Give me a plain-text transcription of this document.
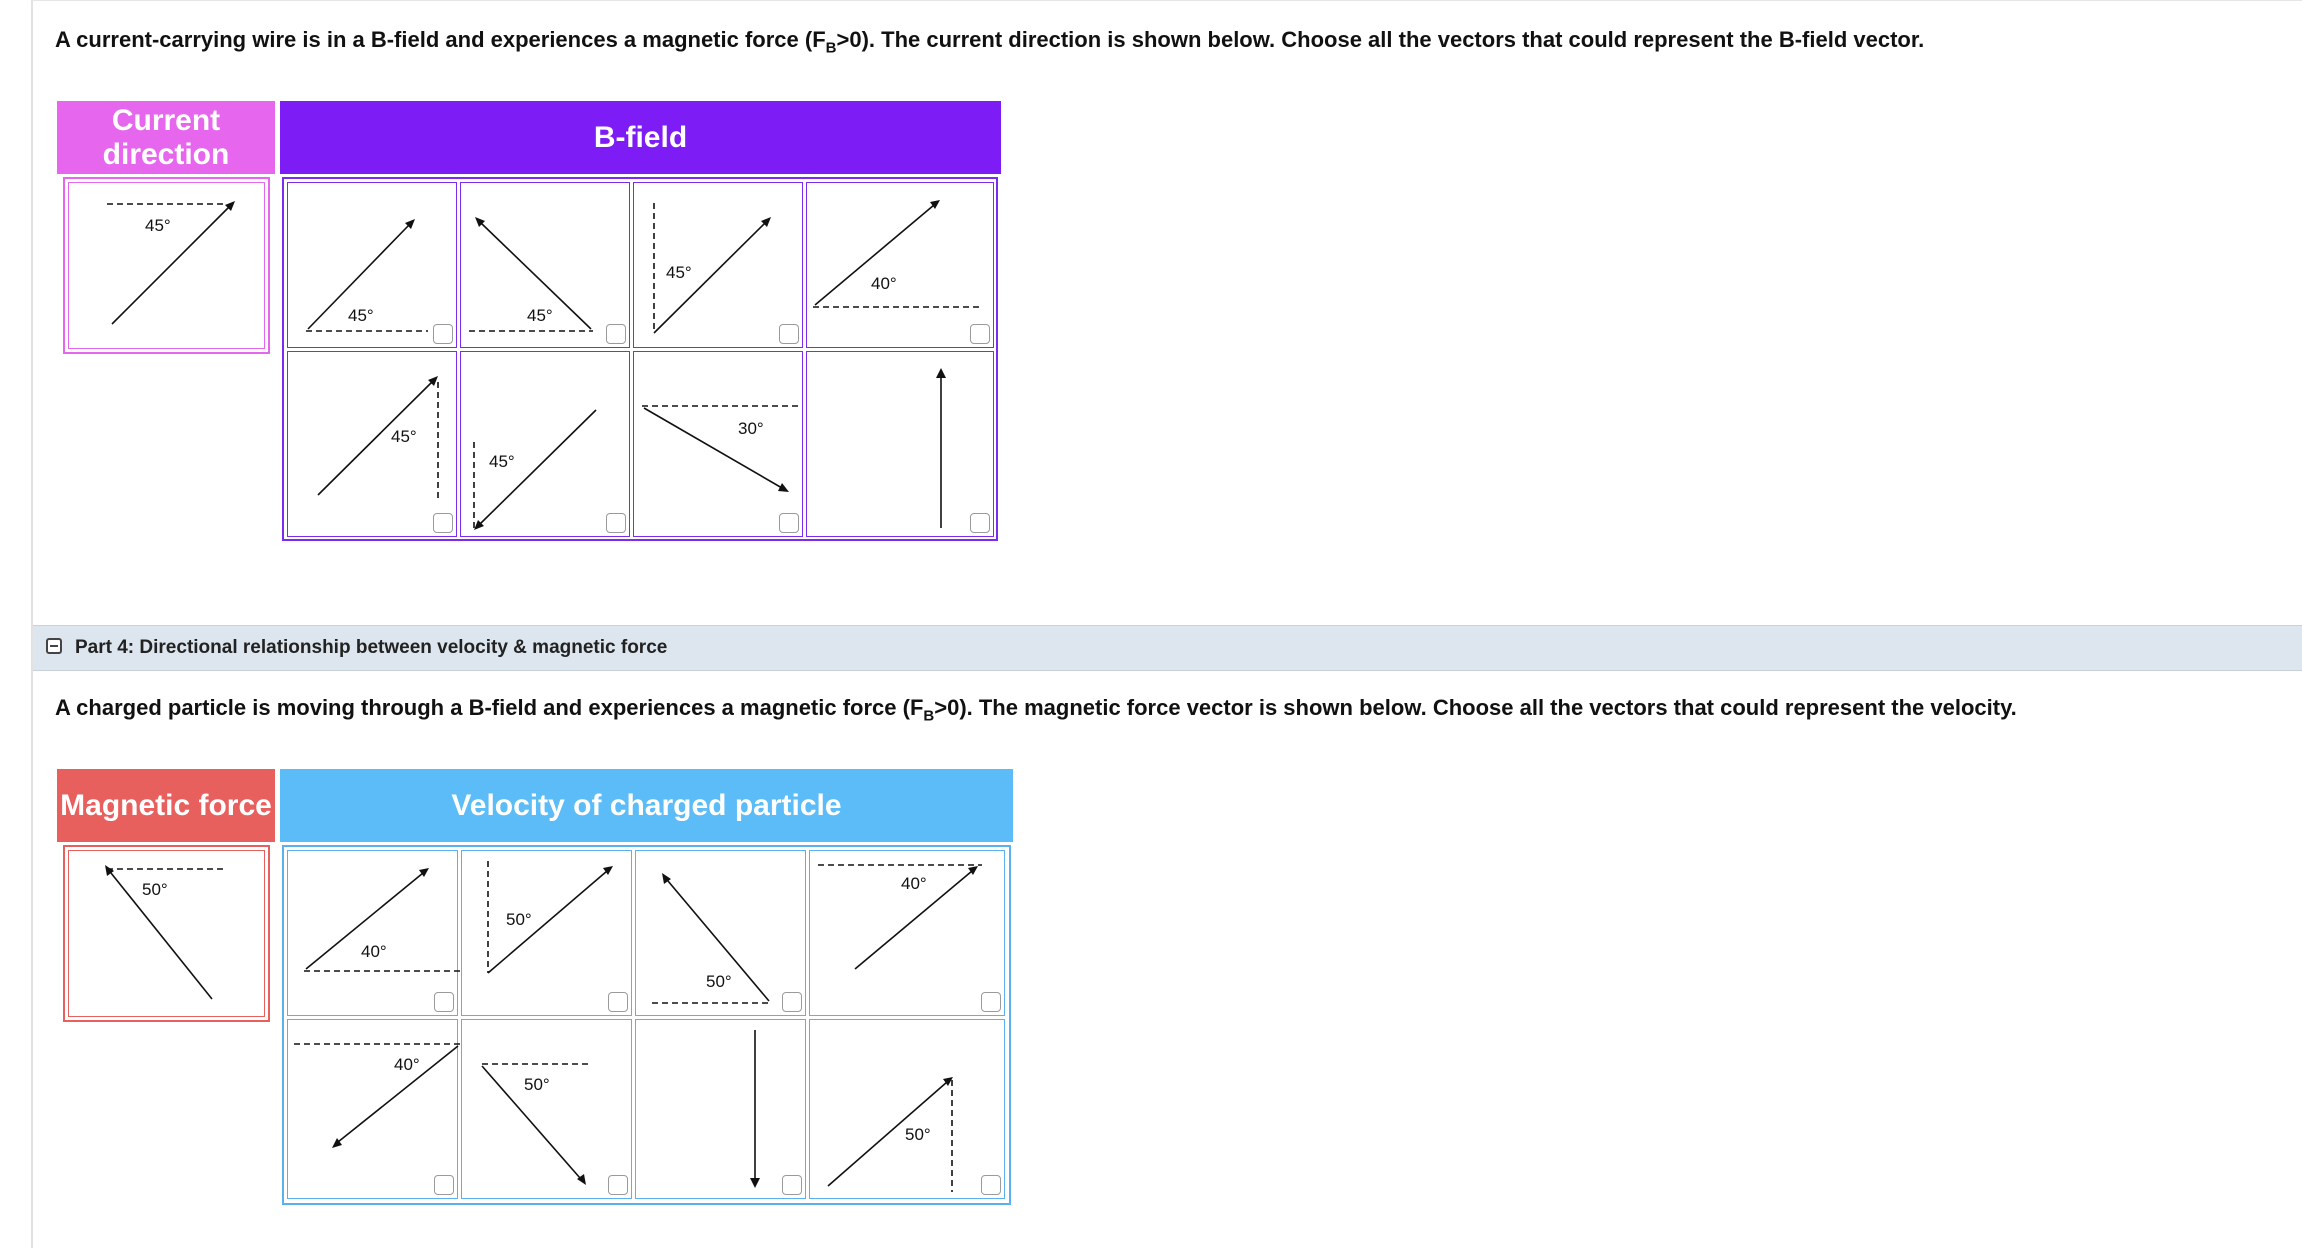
A current-carrying wire is in a B-field and experiences a magnetic force $(F_B>0)$. The current direction is shown below. Choose all the vectors that could represent the B-field vector.
Current direction
B-field
45°
45°	45°
45°
40°
45°
45°
30°
Part 4: Directional relationship between velocity & magnetic force
A charged particle is moving through a B-field and experiences a magnetic force $(F_B>0)$. The magnetic force vector is shown below. Choose all the vectors that could represent the velocity.
Magnetic force	Velocity of charged particle
50°
40°
50°
50°
40°
40°
50°
50°
